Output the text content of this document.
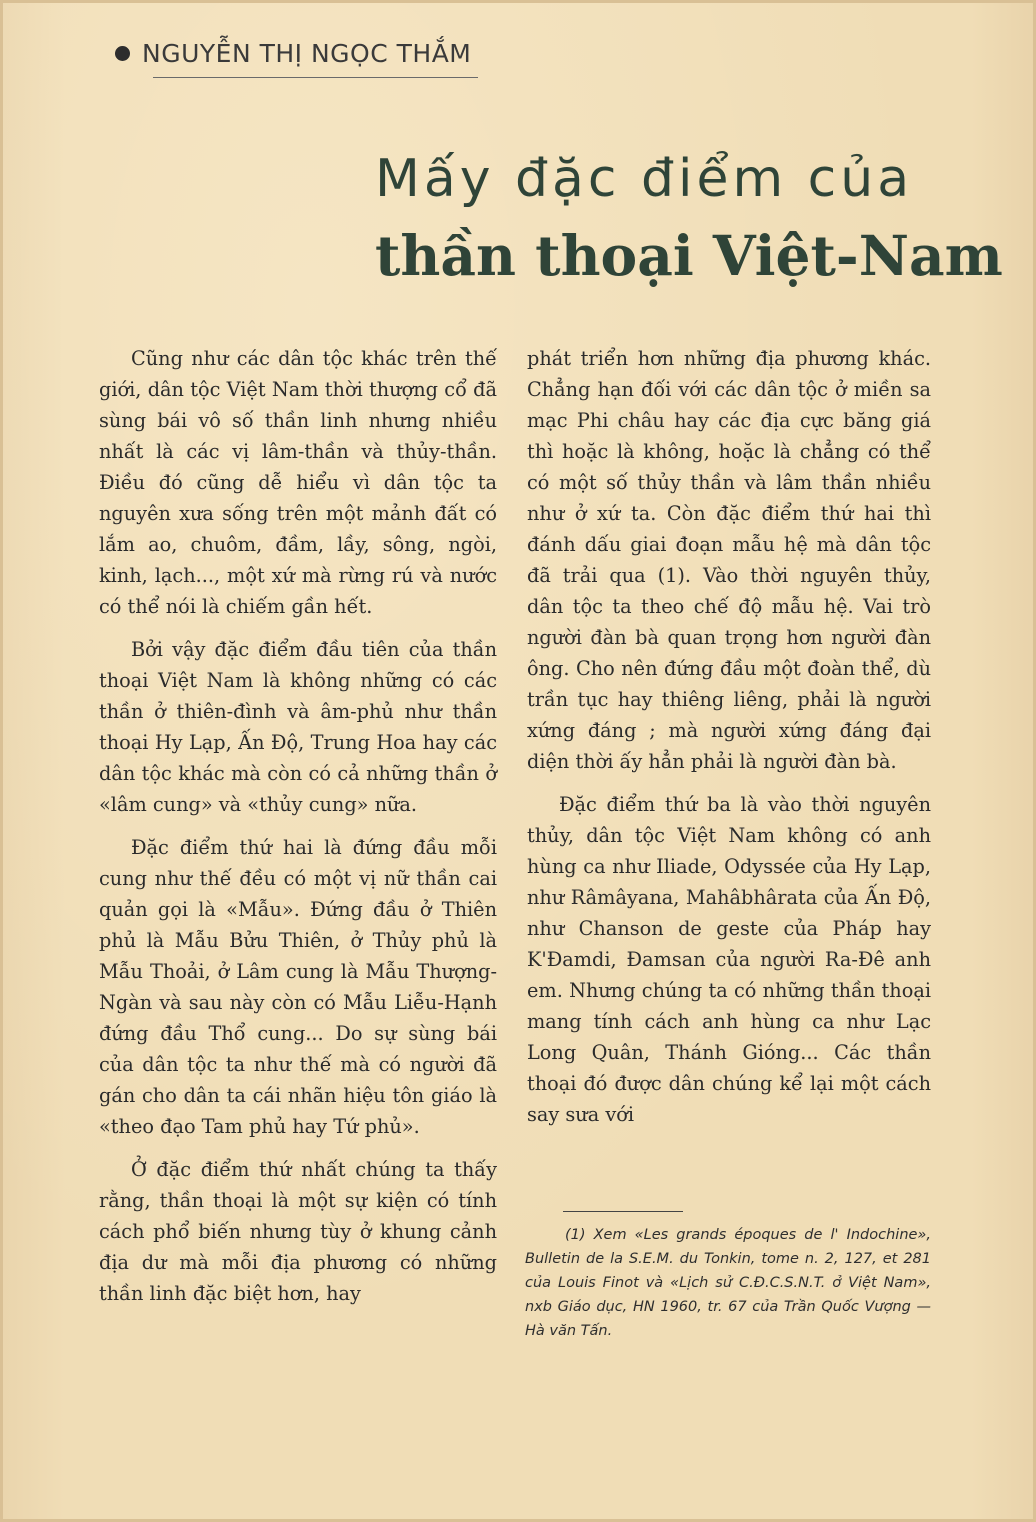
NGUYỄN THỊ NGỌC THẮM
Mấy đặc điểm của
thần thoại Việt-Nam

Cũng như các dân tộc khác trên thế giới, dân tộc Việt Nam thời thượng cổ đã sùng bái vô số thần linh nhưng nhiều nhất là các vị lâm-thần và thủy-thần. Điều đó cũng dễ hiểu vì dân tộc ta nguyên xưa sống trên một mảnh đất có lắm ao, chuôm, đầm, lầy, sông, ngòi, kinh, lạch..., một xứ mà rừng rú và nước có thể nói là chiếm gần hết.

Bởi vậy đặc điểm đầu tiên của thần thoại Việt Nam là không những có các thần ở thiên-đình và âm-phủ như thần thoại Hy Lạp, Ấn Độ, Trung Hoa hay các dân tộc khác mà còn có cả những thần ở «lâm cung» và «thủy cung» nữa.

Đặc điểm thứ hai là đứng đầu mỗi cung như thế đều có một vị nữ thần cai quản gọi là «Mẫu». Đứng đầu ở Thiên phủ là Mẫu Bửu Thiên, ở Thủy phủ là Mẫu Thoải, ở Lâm cung là Mẫu Thượng-Ngàn và sau này còn có Mẫu Liễu-Hạnh đứng đầu Thổ cung... Do sự sùng bái của dân tộc ta như thế mà có người đã gán cho dân ta cái nhãn hiệu tôn giáo là «theo đạo Tam phủ hay Tứ phủ».

Ở đặc điểm thứ nhất chúng ta thấy rằng, thần thoại là một sự kiện có tính cách phổ biến nhưng tùy ở khung cảnh địa dư mà mỗi địa phương có những thần linh đặc biệt hơn, hay

phát triển hơn những địa phương khác. Chẳng hạn đối với các dân tộc ở miền sa mạc Phi châu hay các địa cực băng giá thì hoặc là không, hoặc là chẳng có thể có một số thủy thần và lâm thần nhiều như ở xứ ta. Còn đặc điểm thứ hai thì đánh dấu giai đoạn mẫu hệ mà dân tộc đã trải qua (1). Vào thời nguyên thủy, dân tộc ta theo chế độ mẫu hệ. Vai trò người đàn bà quan trọng hơn người đàn ông. Cho nên đứng đầu một đoàn thể, dù trần tục hay thiêng liêng, phải là người xứng đáng ; mà người xứng đáng đại diện thời ấy hẳn phải là người đàn bà.

Đặc điểm thứ ba là vào thời nguyên thủy, dân tộc Việt Nam không có anh hùng ca như Iliade, Odyssée của Hy Lạp, như Râmâyana, Mahâbhârata của Ấn Độ, như Chanson de geste của Pháp hay K'Đamdi, Đamsan của người Ra-Đê anh em. Nhưng chúng ta có những thần thoại mang tính cách anh hùng ca như Lạc Long Quân, Thánh Gióng... Các thần thoại đó được dân chúng kể lại một cách say sưa với

(1) Xem «Les grands époques de l' Indochine», Bulletin de la S.E.M. du Tonkin, tome n. 2, 127, et 281 của Louis Finot và «Lịch sử C.Đ.C.S.N.T. ở Việt Nam», nxb Giáo dục, HN 1960, tr. 67 của Trần Quốc Vượng — Hà văn Tấn.
